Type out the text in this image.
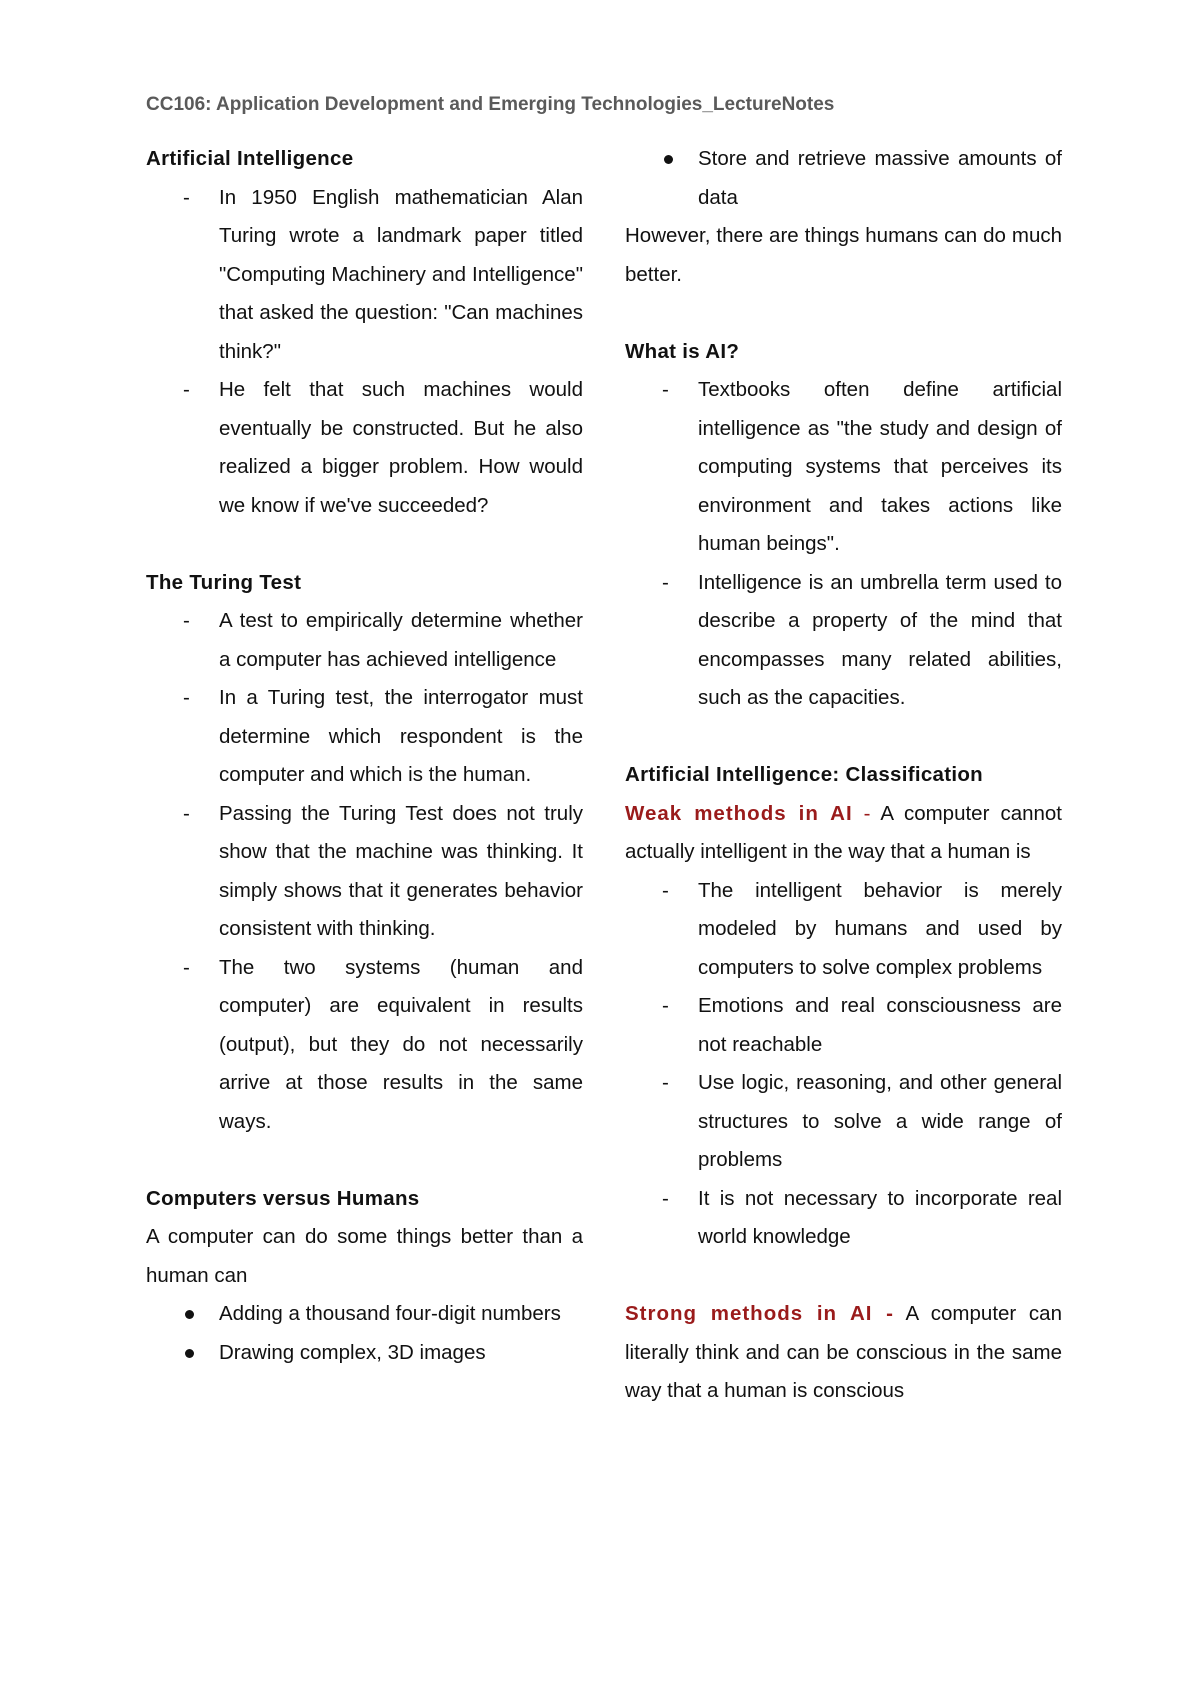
CC106: Application Development and Emerging Technologies_LectureNotes
Artificial Intelligence
- In 1950 English mathematician Alan Turing wrote a landmark paper titled "Computing Machinery and Intelligence" that asked the question: "Can machines think?"
- He felt that such machines would eventually be constructed. But he also realized a bigger problem. How would we know if we've succeeded?
The Turing Test
- A test to empirically determine whether a computer has achieved intelligence
- In a Turing test, the interrogator must determine which respondent is the computer and which is the human.
- Passing the Turing Test does not truly show that the machine was thinking. It simply shows that it generates behavior consistent with thinking.
- The two systems (human and computer) are equivalent in results (output), but they do not necessarily arrive at those results in the same ways.
Computers versus Humans

A computer can do some things better than a human can

Adding a thousand four-digit numbers
Drawing complex, 3D images
Store and retrieve massive amounts of data

However, there are things humans can do much better.

What is AI?
- Textbooks often define artificial intelligence as "the study and design of computing systems that perceives its environment and takes actions like human beings".
- Intelligence is an umbrella term used to describe a property of the mind that encompasses many related abilities, such as the capacities.
Artificial Intelligence: Classification

Weak methods in AI - A computer cannot actually intelligent in the way that a human is

- The intelligent behavior is merely modeled by humans and used by computers to solve complex problems
- Emotions and real consciousness are not reachable
- Use logic, reasoning, and other general structures to solve a wide range of problems
- It is not necessary to incorporate real world knowledge

Strong methods in AI - A computer can literally think and can be conscious in the same way that a human is conscious
